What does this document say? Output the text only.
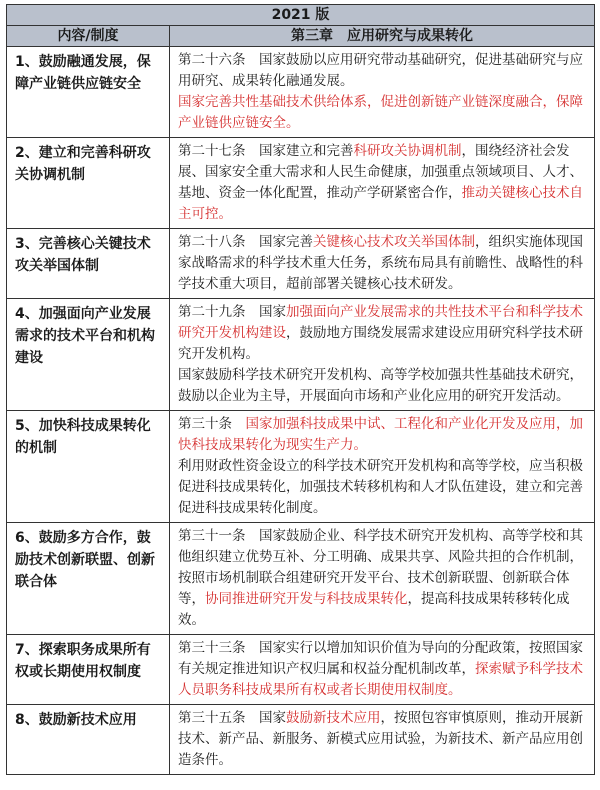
2021 版	
内容/制度	第三章　应用研究与成果转化
1、鼓励融通发展，保障产业链供应链安全	第二十六条　国家鼓励以应用研究带动基础研究，促进基础研究与应用研究、成果转化融通发展。
国家完善共性基础技术供给体系，促进创新链产业链深度融合，保障产业链供应链安全。

2、建立和完善科研攻关协调机制	第二十七条　国家建立和完善科研攻关协调机制，围绕经济社会发展、国家安全重大需求和人民生命健康，加强重点领域项目、人才、基地、资金一体化配置，推动产学研紧密合作，推动关键核心技术自主可控。
3、完善核心关键技术攻关举国体制	第二十八条　国家完善关键核心技术攻关举国体制，组织实施体现国家战略需求的科学技术重大任务，系统布局具有前瞻性、战略性的科学技术重大项目，超前部署关键核心技术研发。
4、加强面向产业发展需求的技术平台和机构建设	第二十九条　国家加强面向产业发展需求的共性技术平台和科学技术研究开发机构建设，鼓励地方围绕发展需求建设应用研究科学技术研究开发机构。
国家鼓励科学技术研究开发机构、高等学校加强共性基础技术研究，鼓励以企业为主导，开展面向市场和产业化应用的研究开发活动。

5、加快科技成果转化的机制	第三十条　国家加强科技成果中试、工程化和产业化开发及应用，加快科技成果转化为现实生产力。
利用财政性资金设立的科学技术研究开发机构和高等学校，应当积极促进科技成果转化，加强技术转移机构和人才队伍建设，建立和完善促进科技成果转化制度。

6、鼓励多方合作，鼓励技术创新联盟、创新联合体	第三十一条　国家鼓励企业、科学技术研究开发机构、高等学校和其他组织建立优势互补、分工明确、成果共享、风险共担的合作机制，按照市场机制联合组建研究开发平台、技术创新联盟、创新联合体等，协同推进研究开发与科技成果转化，提高科技成果转移转化成效。
7、探索职务成果所有权或长期使用权制度	第三十三条　国家实行以增加知识价值为导向的分配政策，按照国家有关规定推进知识产权归属和权益分配机制改革，探索赋予科学技术人员职务科技成果所有权或者长期使用权制度。
8、鼓励新技术应用	第三十五条　国家鼓励新技术应用，按照包容审慎原则，推动开展新技术、新产品、新服务、新模式应用试验，为新技术、新产品应用创造条件。
